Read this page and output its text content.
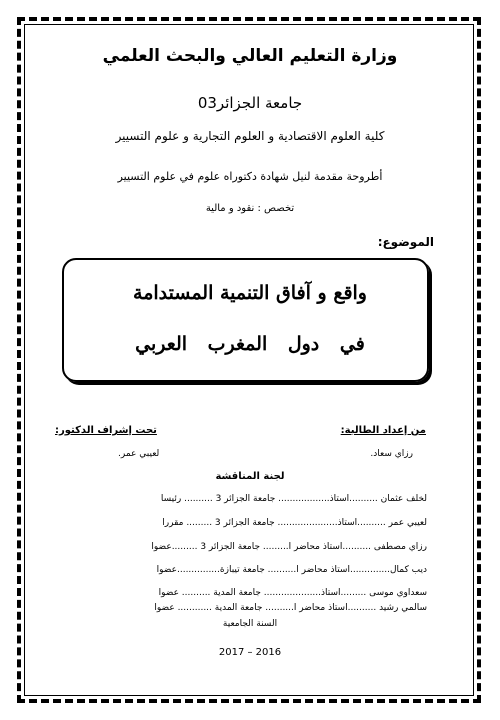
وزارة التعليم العالي والبحث العلمي
جامعة الجزائر03
كلية العلوم الاقتصادية و العلوم التجارية و علوم التسيير
أطروحة مقدمة لنيل شهادة دكتوراه علوم في علوم التسيير
تخصص : نقود و مالية
الموضوع:
واقع و آفاق التنمية المستدامة
في دول المغرب العربي
من إعداد الطالبة:
تحت إشراف الدكتور:
رزاي سعاد.
لعيبي عمر.
لجنة المناقشة
لخلف عثمان ..........أستاذ.................. جامعة الجزائر 3 .......... رئيسا
لعيبي عمر ..........أستاذ..................... جامعة الجزائر 3 ......... مقررا
رزاي مصطفى ..........أستاذ محاضر أ......... جامعة الجزائر 3 .........عضوا
ديب كمال..............أستاذ محاضر أ.......... جامعة تيبازة...............عضوا
سعداوي موسى .........أستاذ.................... جامعة المدية .......... عضوا
سالمي رشيد ..........أستاذ محاضر أ.......... جامعة المدية ............ عضوا
السنة الجامعية
2017 – 2016
